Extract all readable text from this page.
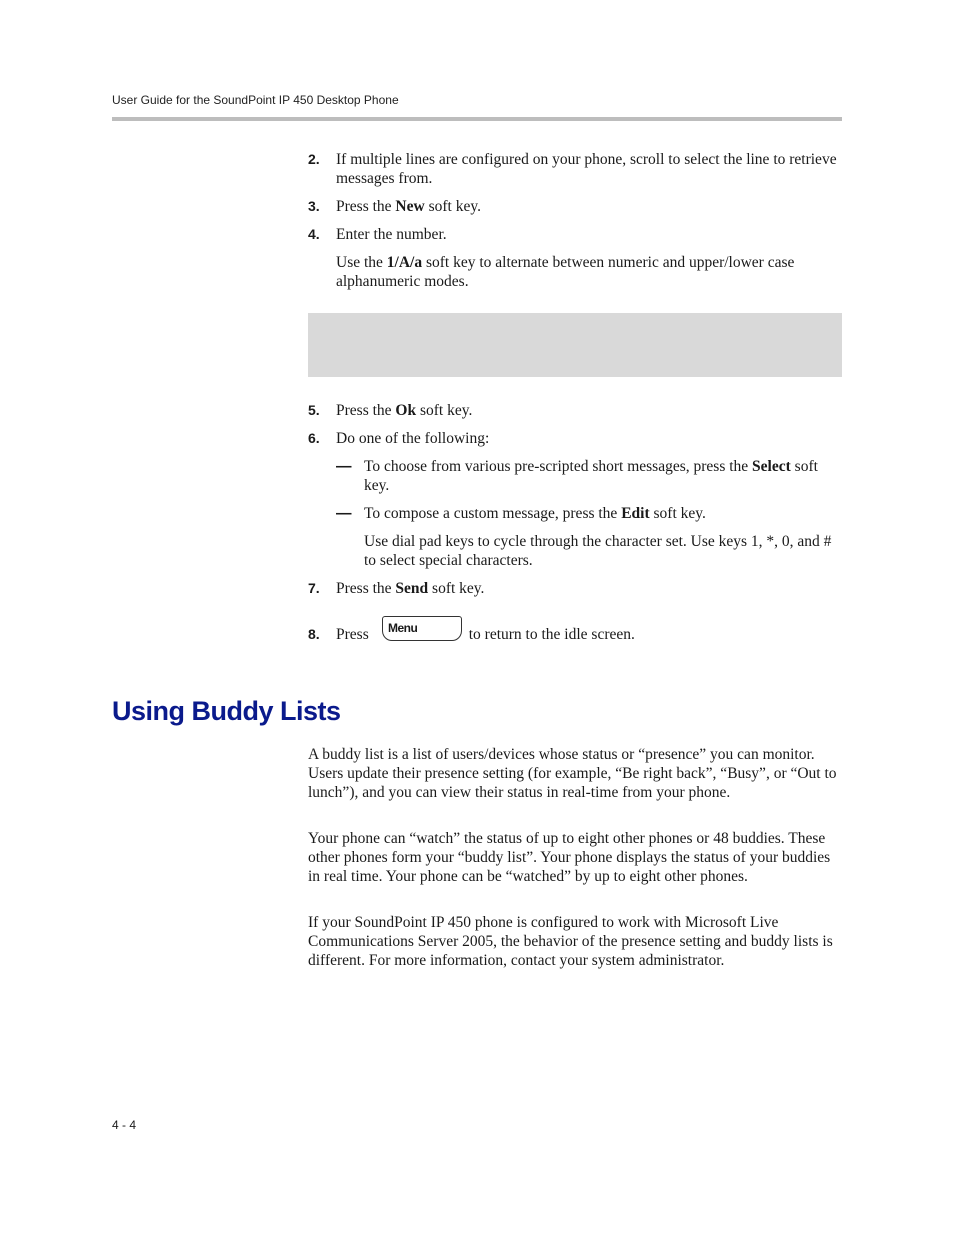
User Guide for the SoundPoint IP 450 Desktop Phone
2. If multiple lines are configured on your phone, scroll to select the line to retrieve messages from.
3. Press the New soft key.
4. Enter the number.
Use the 1/A/a soft key to alternate between numeric and upper/lower case alphanumeric modes.
5. Press the Ok soft key.
6. Do one of the following:
— To choose from various pre-scripted short messages, press the Select soft key.
— To compose a custom message, press the Edit soft key.
Use dial pad keys to cycle through the character set. Use keys 1, *, 0, and # to select special characters.
7. Press the Send soft key.
8. Press	to return to the idle screen.
Menu
Using Buddy Lists

A buddy list is a list of users/devices whose status or “presence” you can monitor. Users update their presence setting (for example, “Be right back”, “Busy”, or “Out to lunch”), and you can view their status in real-time from your phone.

Your phone can “watch” the status of up to eight other phones or 48 buddies. These other phones form your “buddy list”. Your phone displays the status of your buddies in real time. Your phone can be “watched” by up to eight other phones.

If your SoundPoint IP 450 phone is configured to work with Microsoft Live Communications Server 2005, the behavior of the presence setting and buddy lists is different. For more information, contact your system administrator.

4 - 4
